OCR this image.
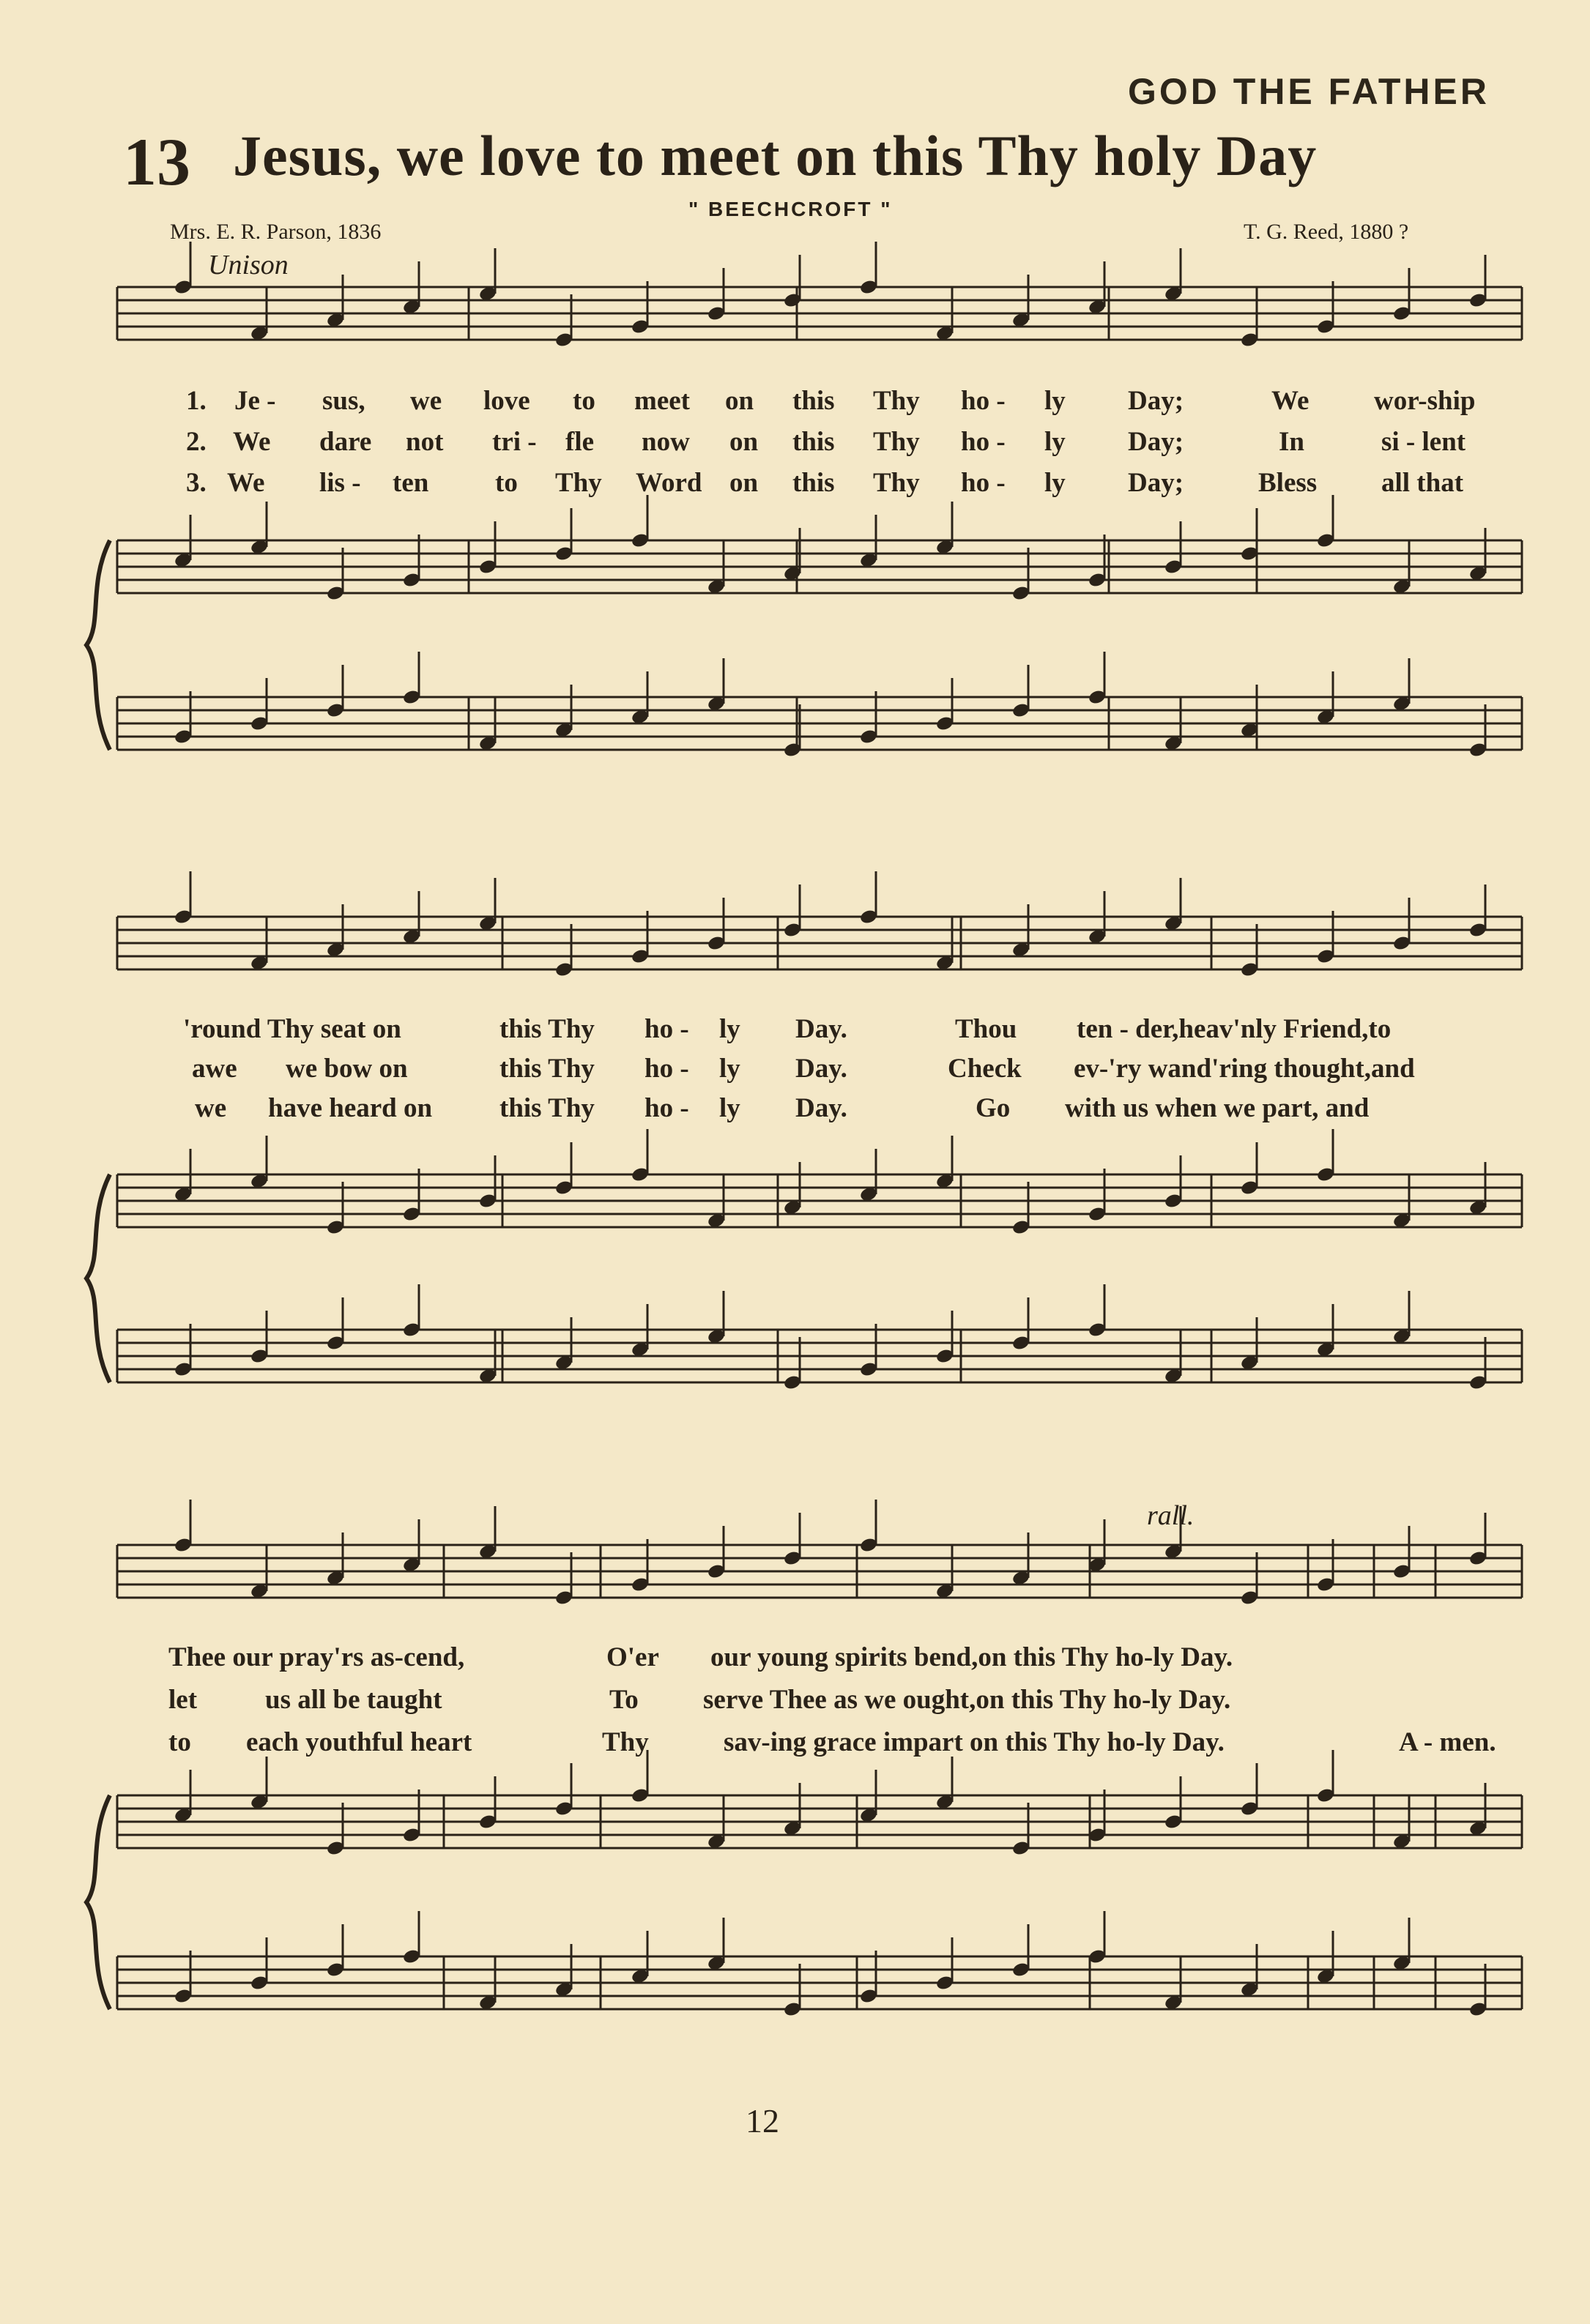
GOD THE FATHER
13 Jesus, we love to meet on this Thy holy Day
" BEECHCROFT "
Mrs. E. R. Parson, 1836	T. G. Reed, 1880 ?
Unison
rall.
1. Je - sus, we love to meet on this Thy ho - ly Day;	We wor-ship
2. We dare not tri - fle now on this Thy ho - ly Day;	In	si - lent
3. We lis - ten to Thy Word on this Thy ho - ly Day;	Bless all that
'round Thy seat on	this Thy ho - ly Day.	Thou ten - der,heav'nly Friend,to
awe we bow on	this Thy ho - ly Day.	Check ev-'ry wand'ring thought,and
we have heard on this Thy ho - ly Day.	Go with us when we part, and
Thee our pray'rs as-cend,	O'er our young spirits bend,on this Thy ho-ly Day.
let	us all be taught	To serve Thee as we ought,on this Thy ho-ly Day.
to each youthful heart	Thy	sav-ing grace impart on this Thy ho-ly Day.	A - men.
12
